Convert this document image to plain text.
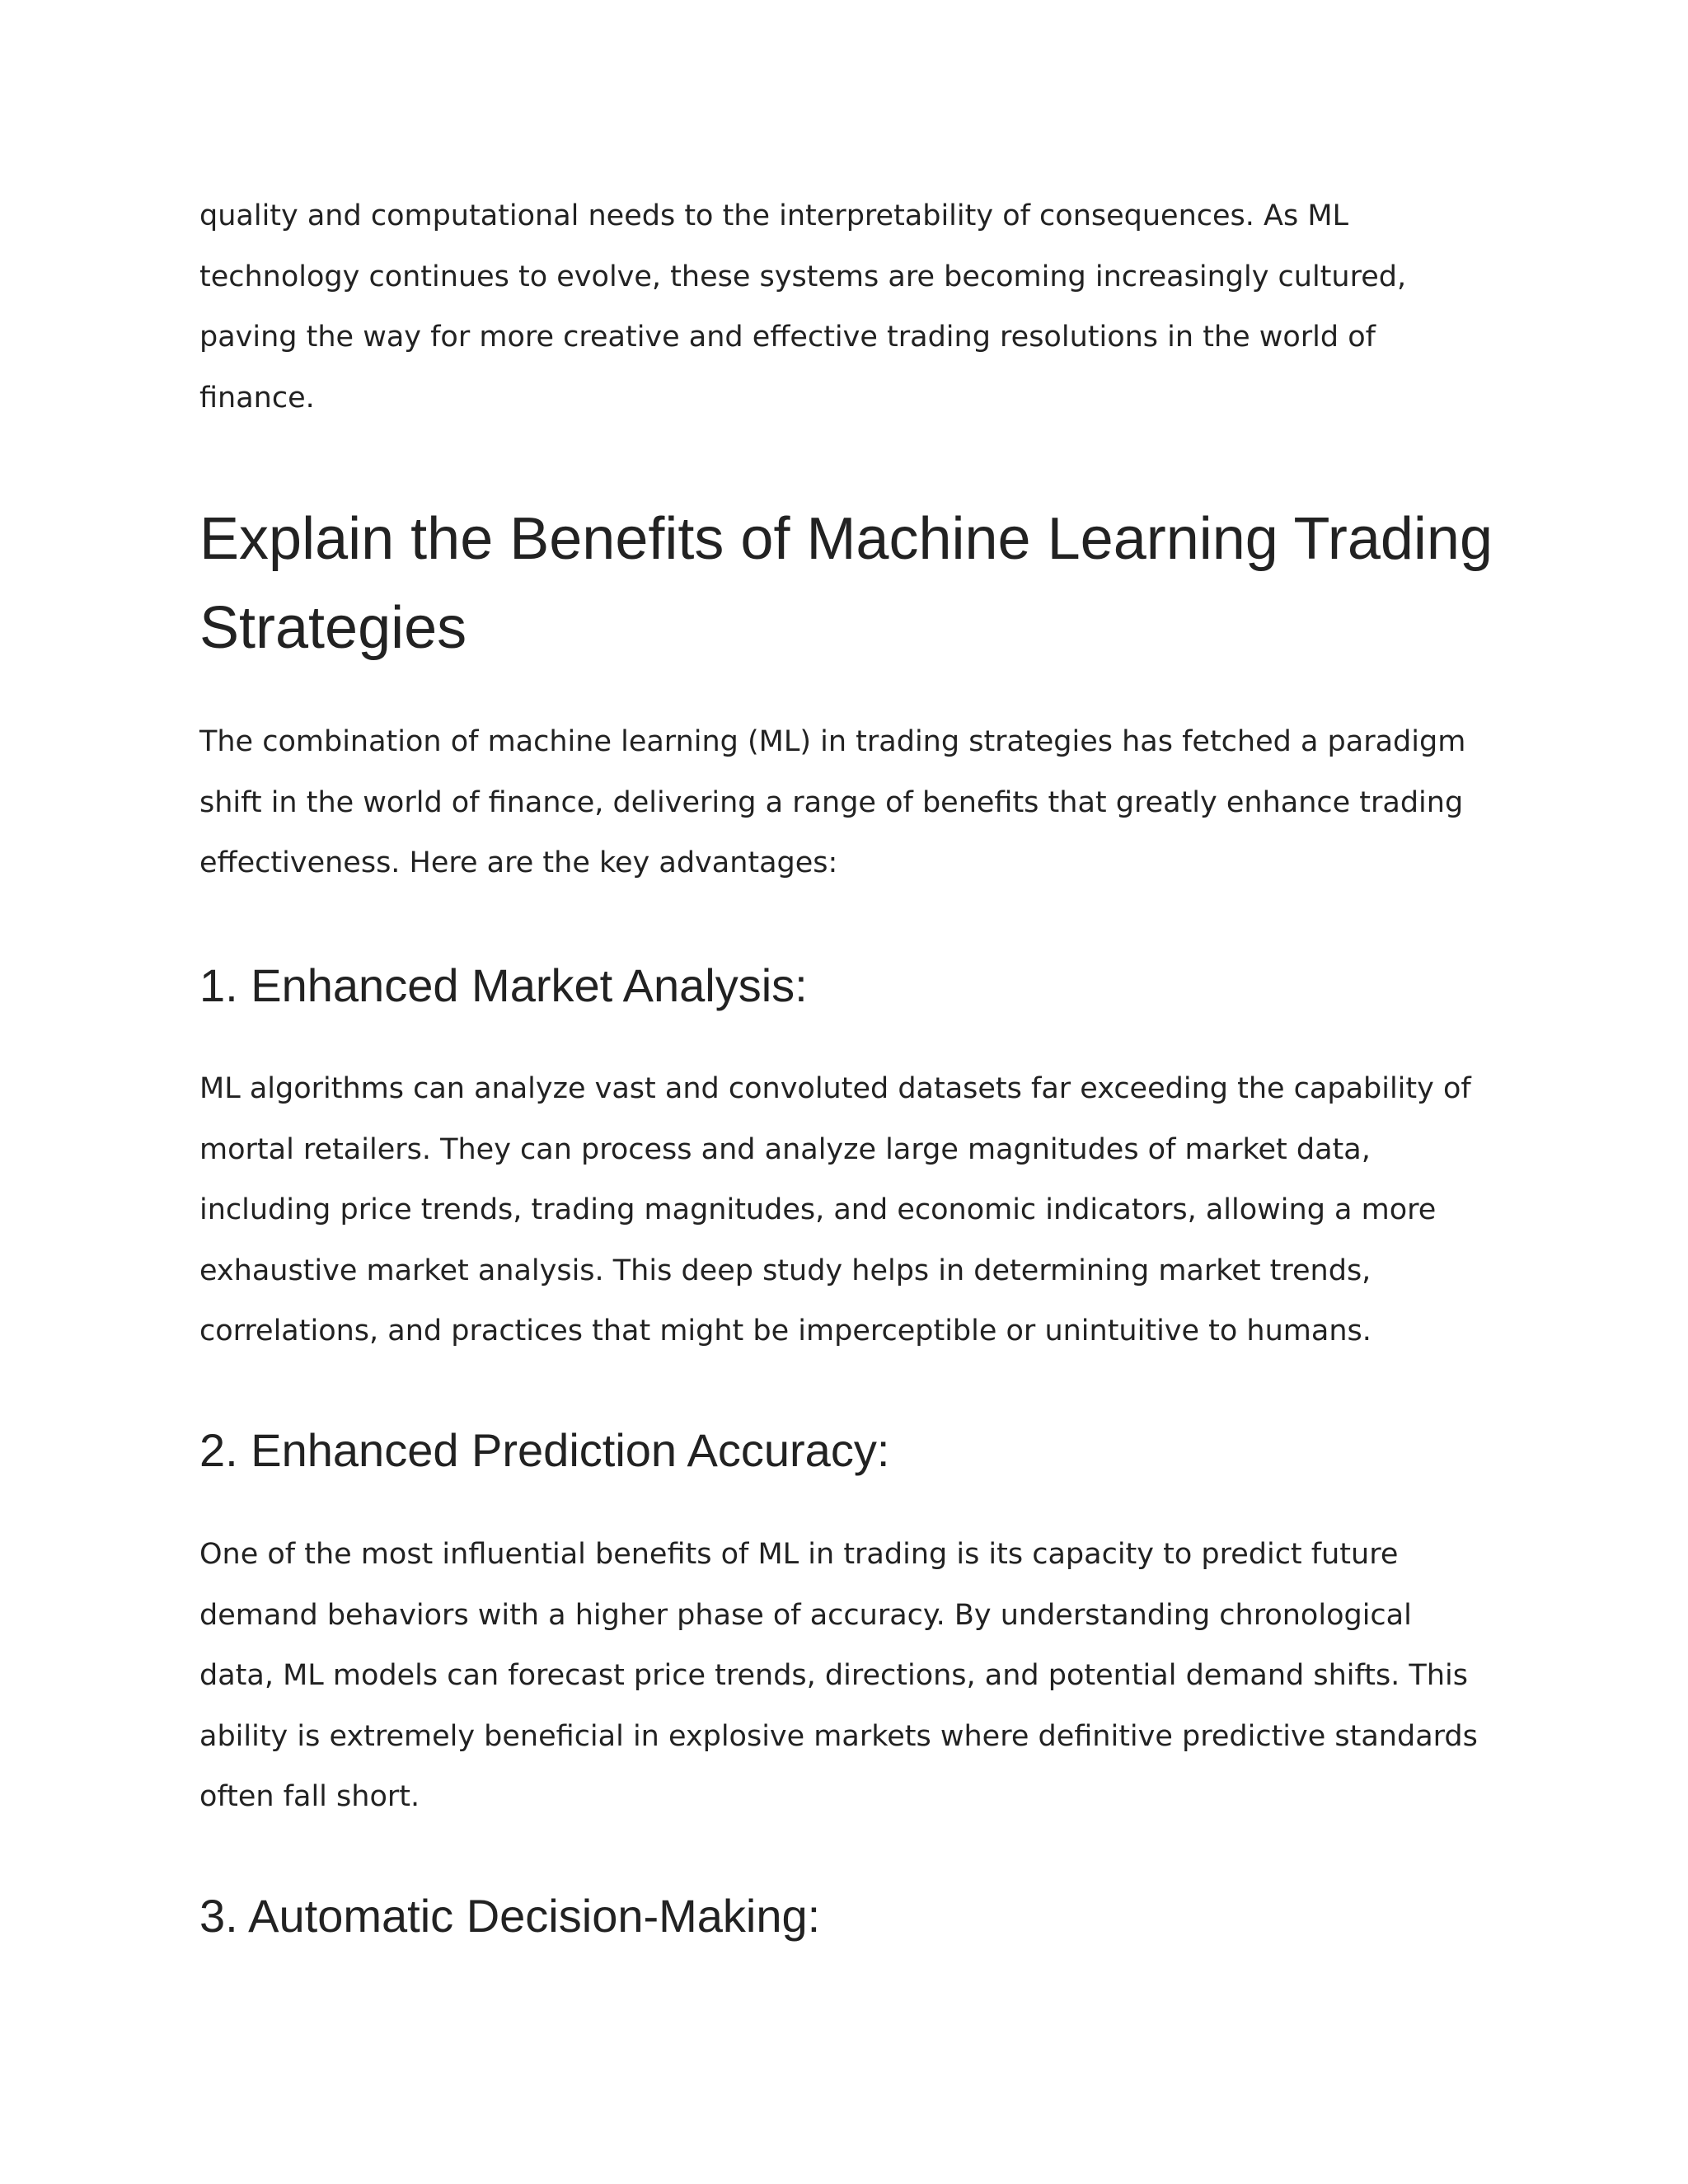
quality and computational needs to the interpretability of consequences. As ML
technology continues to evolve, these systems are becoming increasingly cultured,
paving the way for more creative and effective trading resolutions in the world of
finance.

Explain the Benefits of Machine Learning Trading
Strategies

The combination of machine learning (ML) in trading strategies has fetched a paradigm
shift in the world of finance, delivering a range of benefits that greatly enhance trading
effectiveness. Here are the key advantages:

1. Enhanced Market Analysis:

ML algorithms can analyze vast and convoluted datasets far exceeding the capability of
mortal retailers. They can process and analyze large magnitudes of market data,
including price trends, trading magnitudes, and economic indicators, allowing a more
exhaustive market analysis. This deep study helps in determining market trends,
correlations, and practices that might be imperceptible or unintuitive to humans.

2. Enhanced Prediction Accuracy:

One of the most influential benefits of ML in trading is its capacity to predict future
demand behaviors with a higher phase of accuracy. By understanding chronological
data, ML models can forecast price trends, directions, and potential demand shifts. This
ability is extremely beneficial in explosive markets where definitive predictive standards
often fall short.

3. Automatic Decision-Making:
